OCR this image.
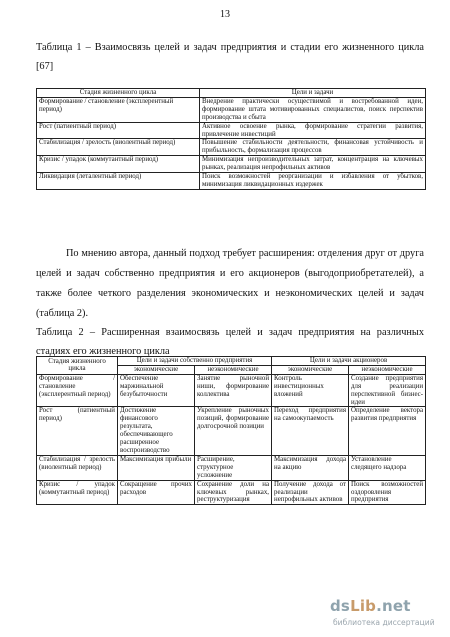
13
Таблица 1 – Взаимосвязь целей и задач предприятия и стадии его жизненного цикла [67]
Стадия жизненного цикла	Цели и задачи
Формирование / становление (эксплерентный период)	Внедрение практически осуществимой и востребованной идеи, формирование штата мотивированных специалистов, поиск перспектив производства и сбыта
Рост (патиентный период)	Активное освоение рынка, формирование стратегии развития, привлечение инвестиций
Стабилизация / зрелость (виолентный период)	Повышение стабильности деятельности, финансовая устойчивость и прибыльность, формализация процессов
Кризис / упадок (коммутантный период)	Минимизация непроизводительных затрат, концентрация на ключевых рынках, реализация непрофильных активов
Ликвидация (леталентный период)	Поиск возможностей реорганизации и избавления от убытков, минимизация ликвидационных издержек
По мнению автора, данный подход требует расширения: отделения друг от друга целей и задач собственно предприятия и его акционеров (выгодоприобретателей), а также более четкого разделения экономических и неэкономических целей и задач (таблица 2).
Таблица 2 – Расширенная взаимосвязь целей и задач предприятия на различных стадиях его жизненного цикла
Стадия жизненного цикла	Цели и задачи собственно предприятия		Цели и задачи акционеров	
	экономические	неэкономические	экономические	неэкономические
Формирование / становление (эксплерентный период)	Обеспечение маржинальной безубыточности	Занятие рыночной ниши, формирование коллектива	Контроль инвестиционных вложений	Создание предприятия для реализации перспективной бизнес-идеи
Рост (патиентный период)	Достижение финансового результата, обеспечивающего расширенное воспроизводство	Укрепление рыночных позиций, формирование долгосрочной позиции	Переход предприятия на самоокупаемость	Определение вектора развития предприятия
Стабилизация / зрелость (виолентный период)	Максимизация прибыли	Расширение, структурное усложнение	Максимизация дохода на акцию	Установление следящего надзора
Кризис / упадок (коммутантный период)	Сокращение прочих расходов	Сохранение доли на ключевых рынках, реструктуризация	Получение дохода от реализации непрофильных активов	Поиск возможностей оздоровления предприятия
dsLib.net
библиотека диссертаций
